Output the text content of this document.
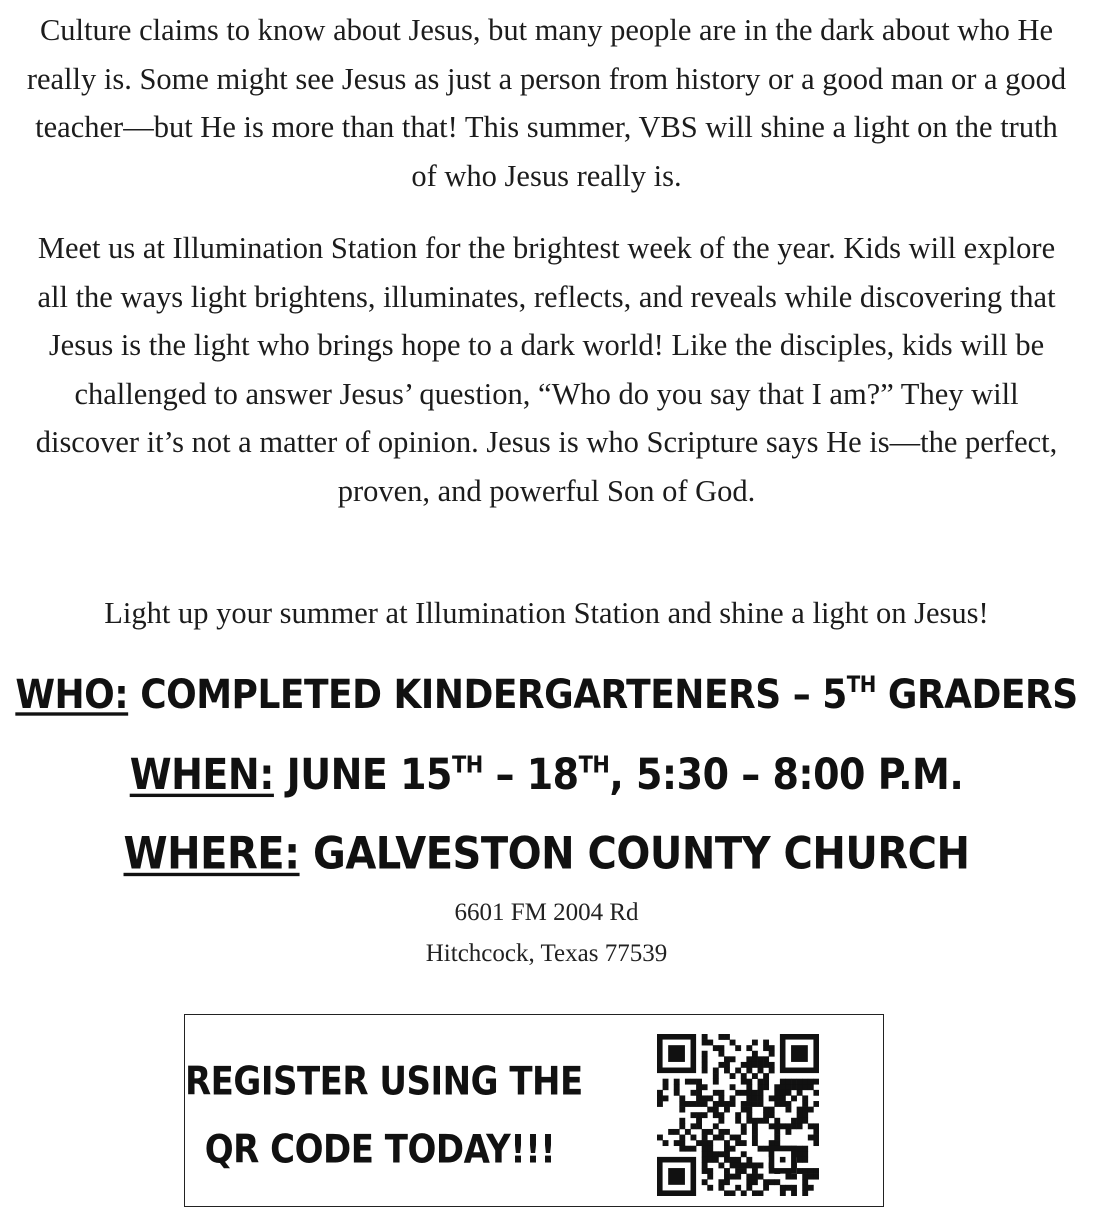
Culture claims to know about Jesus, but many people are in the dark about who He really is. Some might see Jesus as just a person from history or a good man or a good teacher—but He is more than that! This summer, VBS will shine a light on the truth of who Jesus really is.

Meet us at Illumination Station for the brightest week of the year. Kids will explore all the ways light brightens, illuminates, reflects, and reveals while discovering that Jesus is the light who brings hope to a dark world! Like the disciples, kids will be challenged to answer Jesus’ question, “Who do you say that I am?” They will discover it’s not a matter of opinion. Jesus is who Scripture says He is—the perfect, proven, and powerful Son of God.

Light up your summer at Illumination Station and shine a light on Jesus!

WHO: COMPLETED KINDERGARTENERS – 5TH GRADERS
WHEN: JUNE 15TH – 18TH, 5:30 – 8:00 P.M.
WHERE: GALVESTON COUNTY CHURCH
6601 FM 2004 Rd
Hitchcock, Texas 77539
REGISTER USING THE
QR CODE TODAY!!!
